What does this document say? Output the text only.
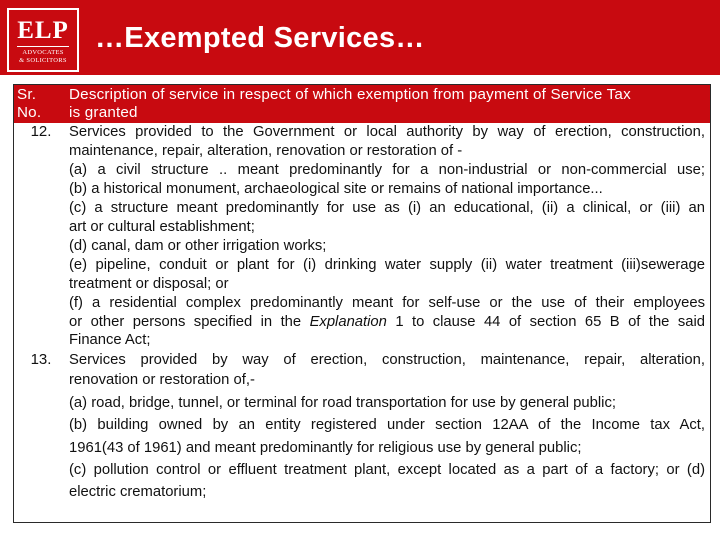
ELP
ADVOCATES
& SOLICITORS
…Exempted Services…
Sr.
No.
Description of service in respect of which exemption from payment of Service Tax
is granted
12.	Services provided to the Government or local authority by way of erection, construction,
maintenance, repair, alteration, renovation or restoration of -
(a) a civil structure .. meant predominantly for a non-industrial or non-commercial use;
(b) a historical monument, archaeological site or remains of national importance...
(c) a structure meant predominantly for use as (i) an educational, (ii) a clinical, or (iii) an
art or cultural establishment;
(d) canal, dam or other irrigation works;
(e) pipeline, conduit or plant for (i) drinking water supply (ii) water treatment (iii)sewerage
treatment or disposal; or
(f) a residential complex predominantly meant for self-use or the use of their employees
or other persons specified in the Explanation 1 to clause 44 of section 65 B of the said
Finance Act;
13.	Services provided by way of erection, construction, maintenance, repair, alteration,
renovation or restoration of,-
(a) road, bridge, tunnel, or terminal for road transportation for use by general public;
(b) building owned by an entity registered under section 12AA of the Income tax Act,
1961(43 of 1961) and meant predominantly for religious use by general public;
(c) pollution control or effluent treatment plant, except located as a part of a factory; or (d)
electric crematorium;
